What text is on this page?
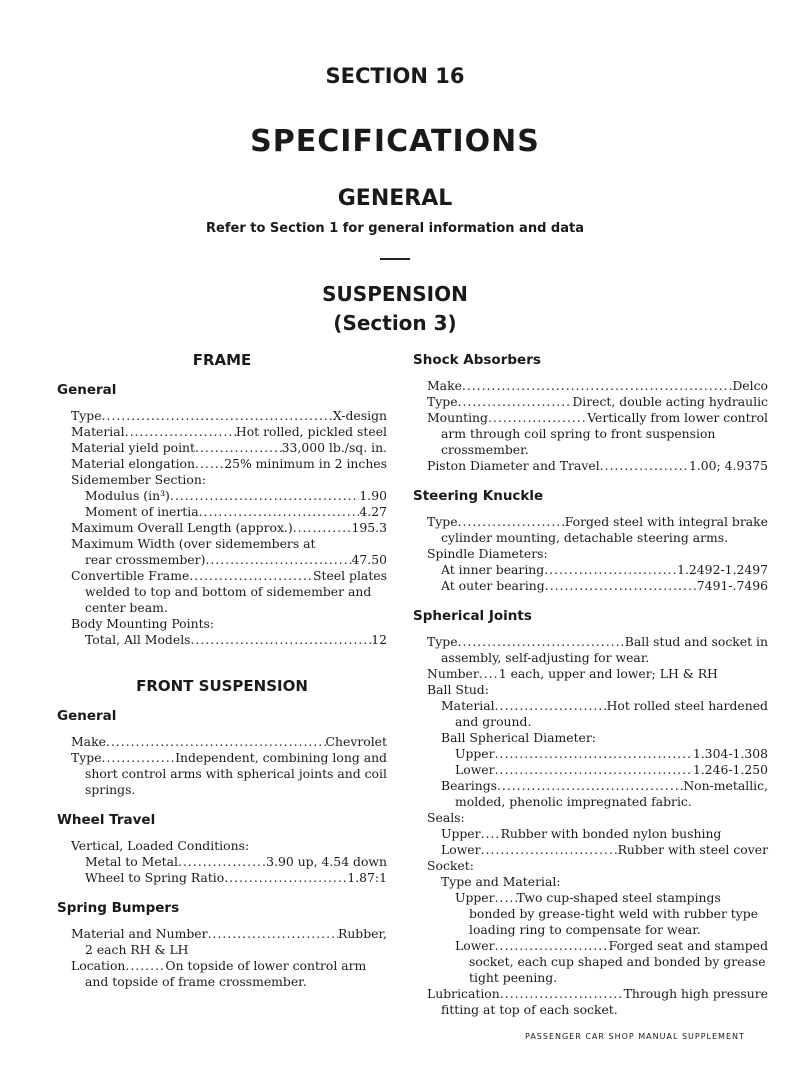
SECTION 16
SPECIFICATIONS
GENERAL
Refer to Section 1 for general information and data
SUSPENSION
(Section 3)
FRAME
General
Type .....	X-design
Material .....	Hot rolled, pickled steel
Material yield point .....	33,000 lb./sq. in.
Material elongation ..... 25% minimum in 2 inches
Sidemember Section:
Modulus (in³) .....	1.90
Moment of inertia .....	4.27
Maximum Overall Length (approx.) .....	195.3
Maximum Width (over sidemembers at
rear crossmember) .....	47.50
Convertible Frame .....	Steel plates
welded to top and bottom of sidemember and center beam.
Body Mounting Points:
Total, All Models .....	12
FRONT SUSPENSION
General
Make .....	Chevrolet
Type .....	Independent, combining long and
short control arms with spherical joints and coil springs.
Wheel Travel
Vertical, Loaded Conditions:
Metal to Metal .....	3.90 up, 4.54 down
Wheel to Spring Ratio .....	1.87:1
Spring Bumpers
Material and Number .....	Rubber,
2 each RH & LH
Location .....	On topside of lower control arm
and topside of frame crossmember.
Shock Absorbers
Make .....	Delco
Type .....	Direct, double acting hydraulic
Mounting .....	Vertically from lower control
arm through coil spring to front suspension crossmember.
Piston Diameter and Travel .....	1.00; 4.9375
Steering Knuckle
Type .....	Forged steel with integral brake
cylinder mounting, detachable steering arms.
Spindle Diameters:
At inner bearing .....	1.2492-1.2497
At outer bearing .....	.7491-.7496
Spherical Joints
Type .....	Ball stud and socket in
assembly, self-adjusting for wear.
Number ..... 1 each, upper and lower; LH & RH
Ball Stud:
Material .....	Hot rolled steel hardened
and ground.
Ball Spherical Diameter:
Upper .....	1.304-1.308
Lower .....	1.246-1.250
Bearings .....	Non-metallic,
molded, phenolic impregnated fabric.
Seals:
Upper ..... Rubber with bonded nylon bushing
Lower .....	Rubber with steel cover
Socket:
Type and Material:
Upper ..... Two cup-shaped steel stampings
bonded by grease-tight weld with rubber type loading ring to compensate for wear.
Lower .....	Forged seat and stamped
socket, each cup shaped and bonded by grease tight peening.
Lubrication .....	Through high pressure
fitting at top of each socket.
PASSENGER CAR SHOP MANUAL SUPPLEMENT
